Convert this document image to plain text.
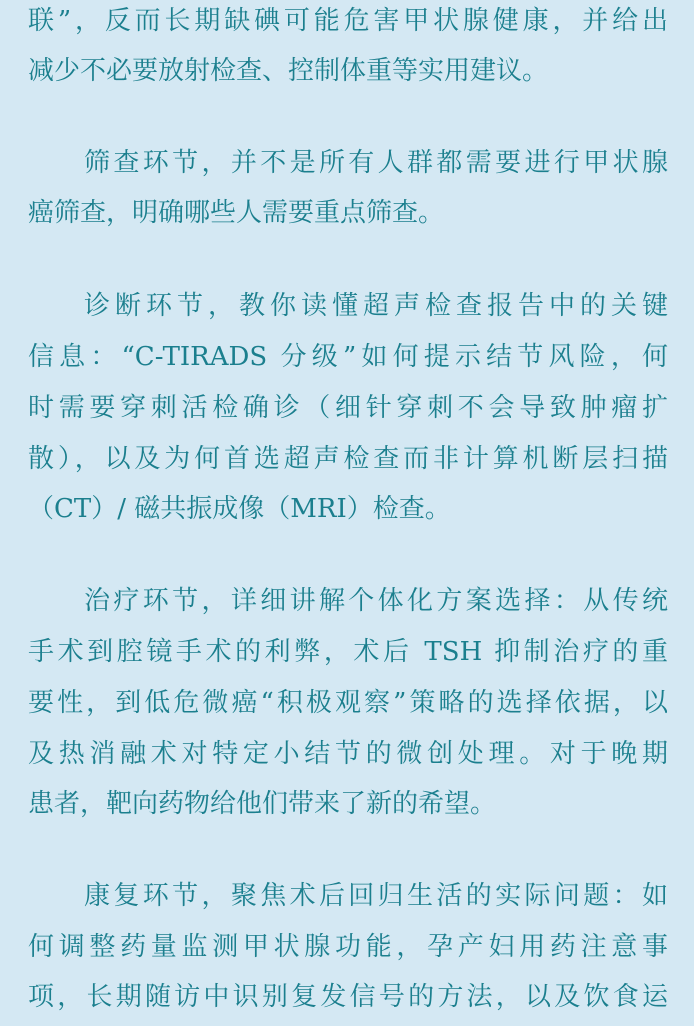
联”，反而长期缺碘可能危害甲状腺健康，并给出
减少不必要放射检查、控制体重等实用建议。
筛查环节，并不是所有人群都需要进行甲状腺
癌筛查，明确哪些人需要重点筛查。
诊断环节，教你读懂超声检查报告中的关键
信息：“C-TIRADS 分级”如何提示结节风险，何
时需要穿刺活检确诊（细针穿刺不会导致肿瘤扩
散），以及为何首选超声检查而非计算机断层扫描
（CT）/ 磁共振成像（MRI）检查。
治疗环节，详细讲解个体化方案选择：从传统
手术到腔镜手术的利弊，术后 TSH 抑制治疗的重
要性，到低危微癌“积极观察”策略的选择依据，以
及热消融术对特定小结节的微创处理。对于晚期
患者，靶向药物给他们带来了新的希望。
康复环节，聚焦术后回归生活的实际问题：如
何调整药量监测甲状腺功能，孕产妇用药注意事
项，长期随访中识别复发信号的方法，以及饮食运
